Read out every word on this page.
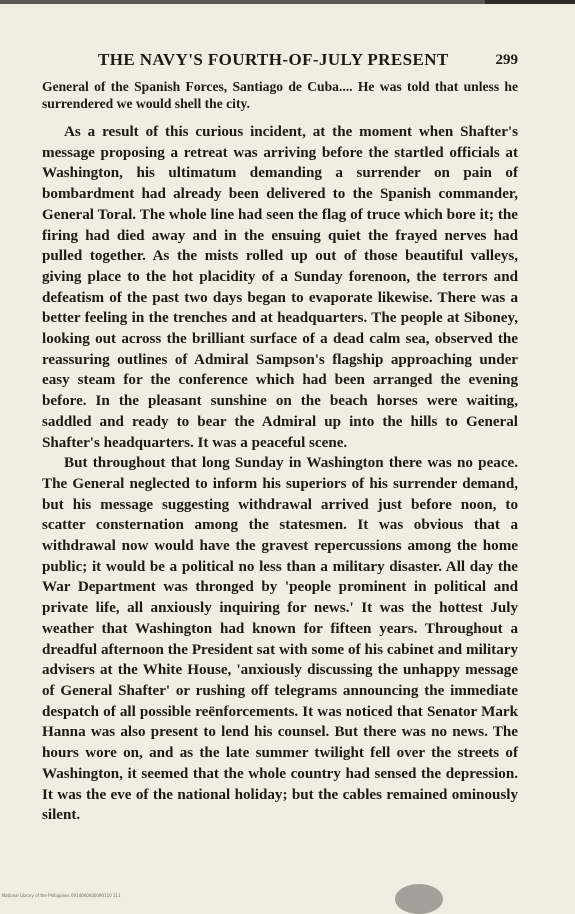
THE NAVY'S FOURTH-OF-JULY PRESENT	299

General of the Spanish Forces, Santiago de Cuba.... He was told that unless he surrendered we would shell the city.

As a result of this curious incident, at the moment when Shafter's message proposing a retreat was arriving before the startled officials at Washington, his ultimatum demanding a surrender on pain of bombardment had already been delivered to the Spanish commander, General Toral. The whole line had seen the flag of truce which bore it; the firing had died away and in the ensuing quiet the frayed nerves had pulled together. As the mists rolled up out of those beautiful valleys, giving place to the hot placidity of a Sunday forenoon, the terrors and defeatism of the past two days began to evaporate likewise. There was a better feeling in the trenches and at headquarters. The people at Siboney, looking out across the brilliant surface of a dead calm sea, observed the reassuring outlines of Admiral Sampson's flagship approaching under easy steam for the conference which had been arranged the evening before. In the pleasant sunshine on the beach horses were waiting, saddled and ready to bear the Admiral up into the hills to General Shafter's headquarters. It was a peaceful scene.

But throughout that long Sunday in Washington there was no peace. The General neglected to inform his superiors of his surrender demand, but his message suggesting withdrawal arrived just before noon, to scatter consternation among the statesmen. It was obvious that a withdrawal now would have the gravest repercussions among the home public; it would be a political no less than a military disaster. All day the War Department was thronged by 'people prominent in political and private life, all anxiously inquiring for news.' It was the hottest July weather that Washington had known for fifteen years. Throughout a dreadful afternoon the President sat with some of his cabinet and military advisers at the White House, 'anxiously discussing the unhappy message of General Shafter' or rushing off telegrams announcing the immediate despatch of all possible reënforcements. It was noticed that Senator Mark Hanna was also present to lend his counsel. But there was no news. The hours wore on, and as the late summer twilight fell over the streets of Washington, it seemed that the whole country had sensed the depression. It was the eve of the national holiday; but the cables remained ominously silent.

National Library of the Philippines 0014000000090110 111
